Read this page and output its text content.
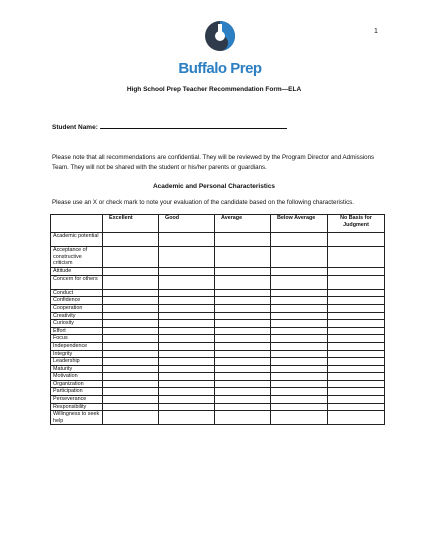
1
Buffalo Prep
High School Prep Teacher Recommendation Form—ELA
Student Name:
Please note that all recommendations are confidential. They will be reviewed by the Program Director and Admissions Team. They will not be shared with the student or his/her parents or guardians.
Academic and Personal Characteristics
Please use an X or check mark to note your evaluation of the candidate based on the following characteristics.
	Excellent	Good	Average	Below Average	No Basis for Judgment
Academic potential					
Acceptance of constructive criticism					
Attitude					
Concern for others					
Conduct					
Confidence					
Cooperation					
Creativity					
Curiosity					
Effort					
Focus					
Independence					
Integrity					
Leadership					
Maturity					
Motivation					
Organization					
Participation					
Perseverance					
Responsibility					
Willingness to seek help					
